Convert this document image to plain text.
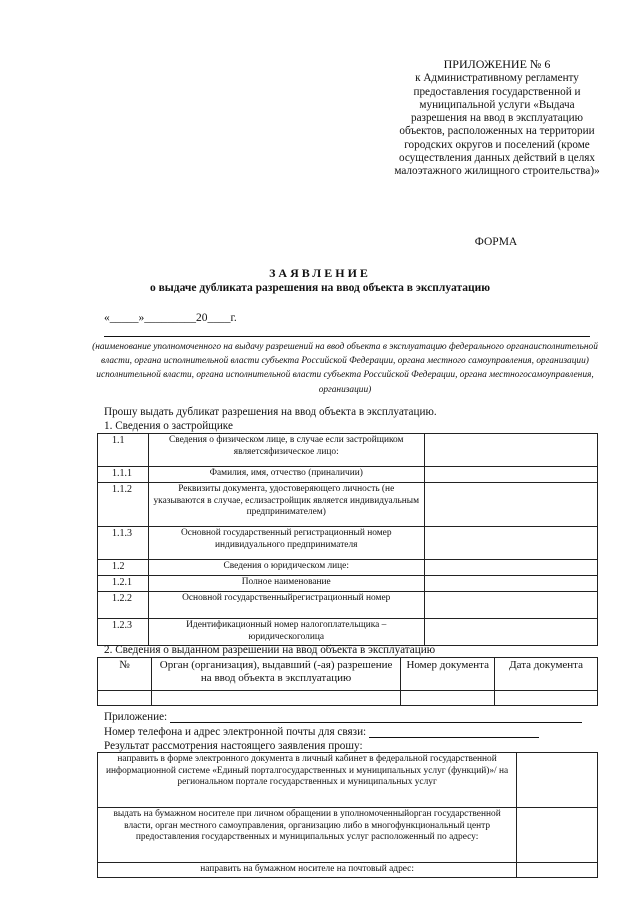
ПРИЛОЖЕНИЕ № 6
к Административному регламенту предоставления государственной и муниципальной услуги «Выдача разрешения на ввод в эксплуатацию объектов, расположенных на территории городских округов и поселений (кроме осуществления данных действий в целях малоэтажного жилищного строительства)»
ФОРМА
ЗАЯВЛЕНИЕ
о выдаче дубликата разрешения на ввод объекта в эксплуатацию
«_____»_________20____г.
(наименование уполномоченного на выдачу разрешений на ввод объекта в эксплуатацию федерального органаисполнительной власти, органа исполнительной власти субъекта Российской Федерации, органа местного самоуправления, организации) исполнительной власти, органа исполнительной власти субъекта Российской Федерации, органа местногосамоуправления, организации)
Прошу выдать дубликат разрешения на ввод объекта в эксплуатацию.
1. Сведения о застройщике
1.1	Сведения о физическом лице, в случае если застройщиком являетсяфизическое лицо:	
1.1.1	Фамилия, имя, отчество (приналичии)	
1.1.2	Реквизиты документа, удостоверяющего личность (не указываются в случае, еслизастройщик является индивидуальным предпринимателем)	
1.1.3	Основной государственный регистрационный номер индивидуального предпринимателя	
1.2	Сведения о юридическом лице:	
1.2.1	Полное наименование	
1.2.2	Основной государственныйрегистрационный номер	
1.2.3	Идентификационный номер налогоплательщика – юридическоголица	
2. Сведения о выданном разрешении на ввод объекта в эксплуатацию
№	Орган (организация), выдавший (-ая) разрешение на ввод объекта в эксплуатацию	Номер документа	Дата документа

Приложение:
Номер телефона и адрес электронной почты для связи:
Результат рассмотрения настоящего заявления прошу:
направить в форме электронного документа в личный кабинет в федеральной государственной информационной системе «Единый порталгосударственных и муниципальных услуг (функций)»/ на региональном портале государственных и муниципальных услуг	
выдать на бумажном носителе при личном обращении в уполномоченныйорган государственной власти, орган местного самоуправления, организацию либо в многофункциональный центр предоставления государственных и муниципальных услуг расположенный по адресу:	
направить на бумажном носителе на почтовый адрес:	
